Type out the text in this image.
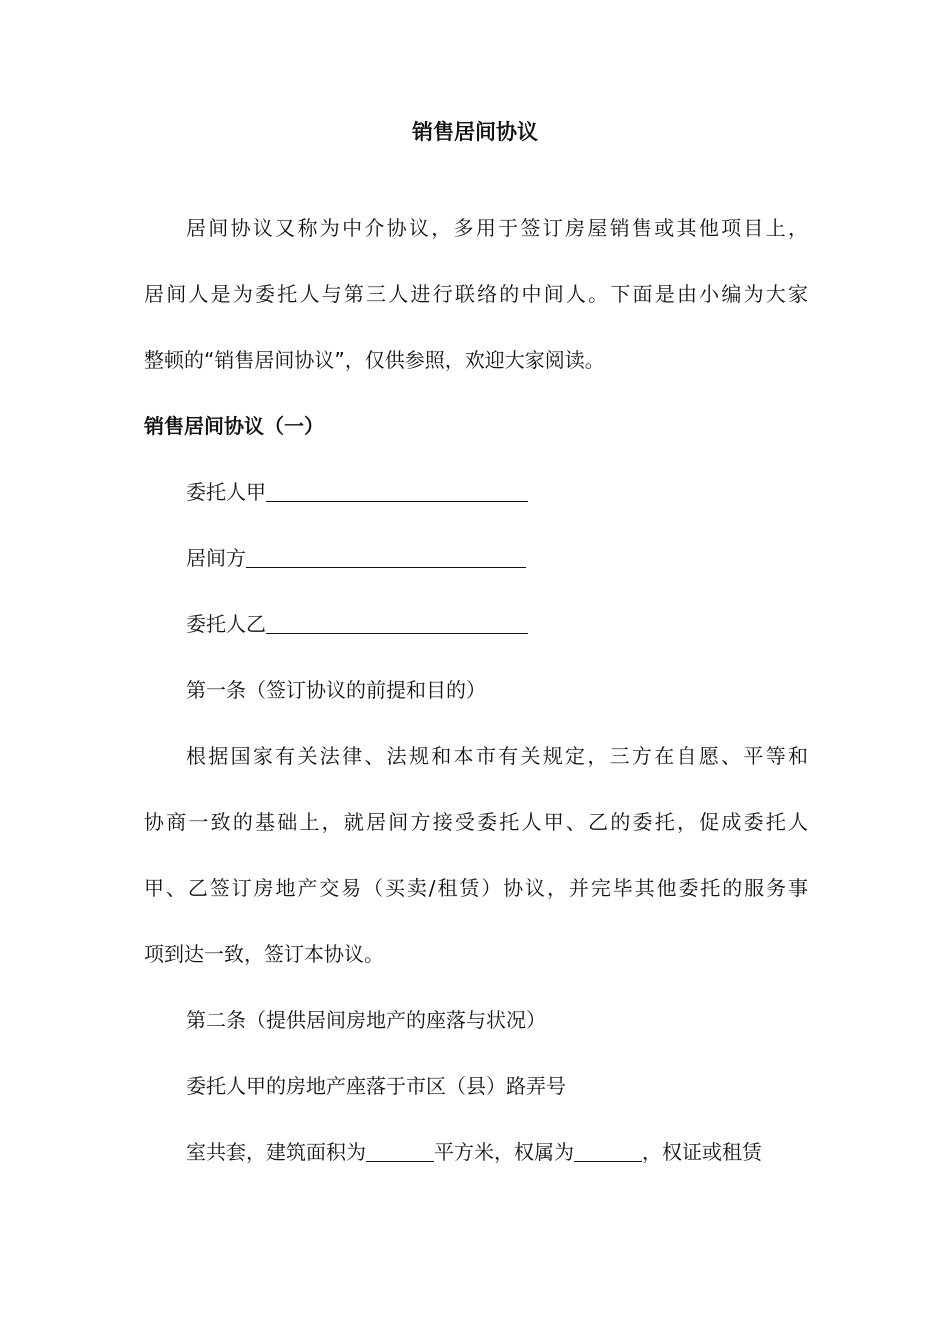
销售居间协议
居间协议又称为中介协议，多用于签订房屋销售或其他项目上，
居间人是为委托人与第三人进行联络的中间人。下面是由小编为大家
整顿的“销售居间协议”，仅供参照，欢迎大家阅读。
销售居间协议（一）
委托人甲
居间方
委托人乙
第一条（签订协议的前提和目的）
根据国家有关法律、法规和本市有关规定，三方在自愿、平等和
协商一致的基础上，就居间方接受委托人甲、乙的委托，促成委托人
甲、乙签订房地产交易（买卖/租赁）协议，并完毕其他委托的服务事
项到达一致，签订本协议。
第二条（提供居间房地产的座落与状况）
委托人甲的房地产座落于市区（县）路弄号
室共套，建筑面积为	平方米，权属为	，权证或租赁
